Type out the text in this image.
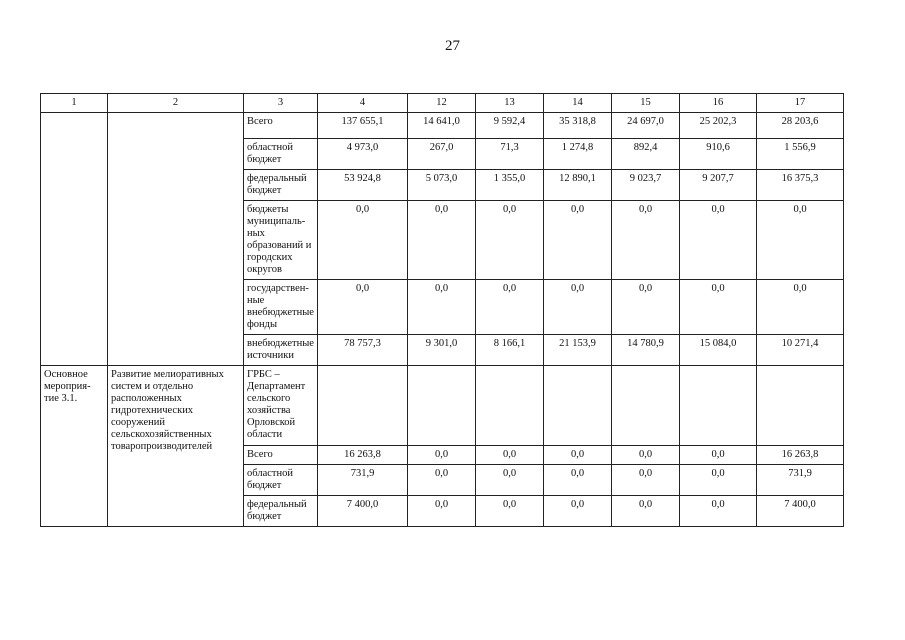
27
1	2	3	4	12	13	14	15	16	17
		Всего	137 655,1	14 641,0	9 592,4	35 318,8	24 697,0	25 202,3	28 203,6
		областной бюджет	4 973,0	267,0	71,3	1 274,8	892,4	910,6	1 556,9
		федеральный бюджет	53 924,8	5 073,0	1 355,0	12 890,1	9 023,7	9 207,7	16 375,3
		бюджеты муниципаль-ных образований и городских округов	0,0	0,0	0,0	0,0	0,0	0,0	0,0
		государствен-ные внебюджетные фонды	0,0	0,0	0,0	0,0	0,0	0,0	0,0
		внебюджетные источники	78 757,3	9 301,0	8 166,1	21 153,9	14 780,9	15 084,0	10 271,4
Основное мероприя-тие 3.1.	Развитие мелиоративных систем и отдельно расположенных гидротехнических сооружений сельскохозяйственных товаропроизводителей	ГРБС – Департамент сельского хозяйства Орловской области							
		Всего	16 263,8	0,0	0,0	0,0	0,0	0,0	16 263,8
		областной бюджет	731,9	0,0	0,0	0,0	0,0	0,0	731,9
		федеральный бюджет	7 400,0	0,0	0,0	0,0	0,0	0,0	7 400,0
